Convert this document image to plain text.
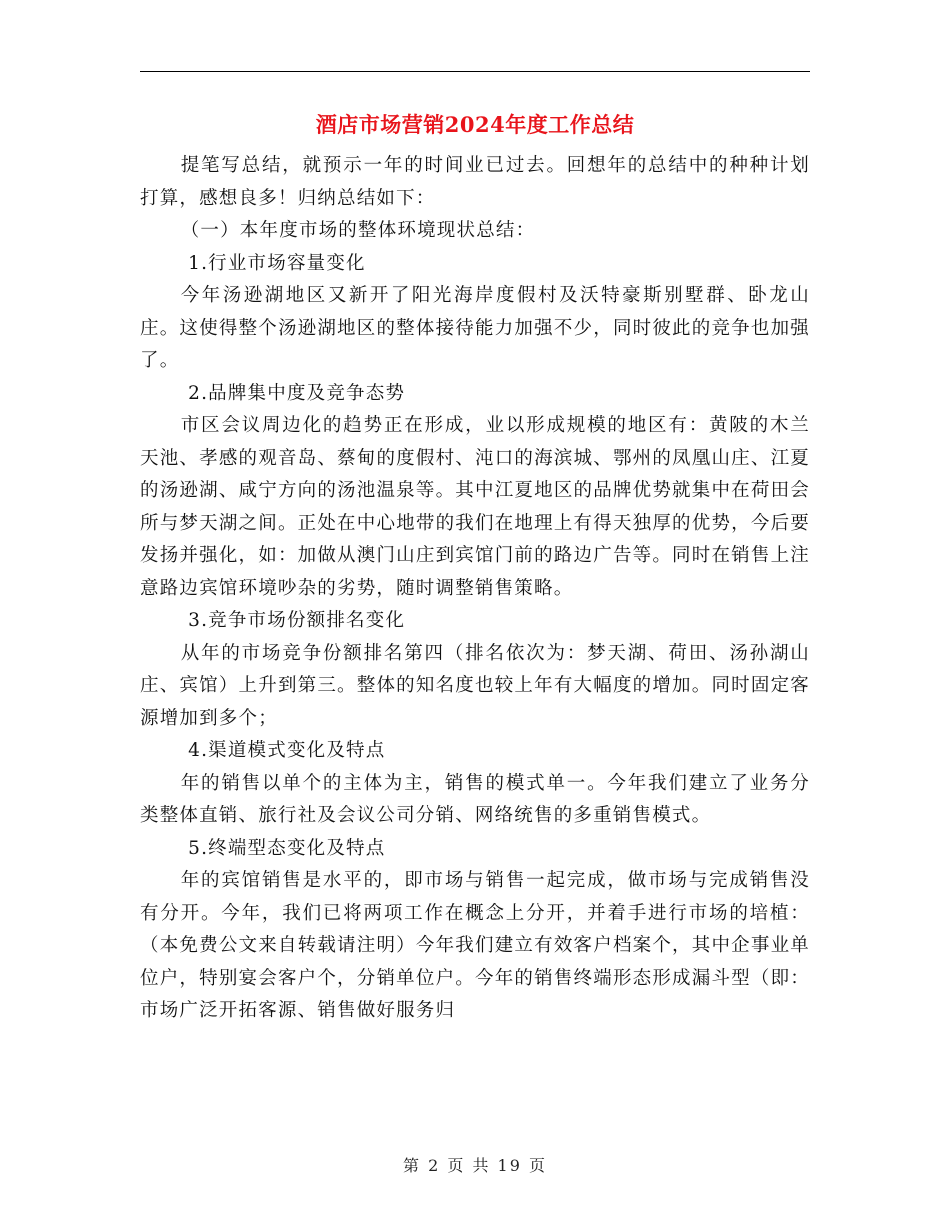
酒店市场营销2024年度工作总结

提笔写总结，就预示一年的时间业已过去。回想年的总结中的种种计划打算，感想良多！归纳总结如下：

（一）本年度市场的整体环境现状总结：

1.行业市场容量变化

今年汤逊湖地区又新开了阳光海岸度假村及沃特豪斯别墅群、卧龙山庄。这使得整个汤逊湖地区的整体接待能力加强不少，同时彼此的竞争也加强了。

2.品牌集中度及竞争态势

市区会议周边化的趋势正在形成，业以形成规模的地区有：黄陂的木兰天池、孝感的观音岛、蔡甸的度假村、沌口的海滨城、鄂州的凤凰山庄、江夏的汤逊湖、咸宁方向的汤池温泉等。其中江夏地区的品牌优势就集中在荷田会所与梦天湖之间。正处在中心地带的我们在地理上有得天独厚的优势，今后要发扬并强化，如：加做从澳门山庄到宾馆门前的路边广告等。同时在销售上注意路边宾馆环境吵杂的劣势，随时调整销售策略。

3.竞争市场份额排名变化

从年的市场竞争份额排名第四（排名依次为：梦天湖、荷田、汤孙湖山庄、宾馆）上升到第三。整体的知名度也较上年有大幅度的增加。同时固定客源增加到多个；

4.渠道模式变化及特点

年的销售以单个的主体为主，销售的模式单一。今年我们建立了业务分类整体直销、旅行社及会议公司分销、网络统售的多重销售模式。

5.终端型态变化及特点

年的宾馆销售是水平的，即市场与销售一起完成，做市场与完成销售没有分开。今年，我们已将两项工作在概念上分开，并着手进行市场的培植：（本免费公文来自转载请注明）今年我们建立有效客户档案个，其中企事业单位户，特别宴会客户个，分销单位户。今年的销售终端形态形成漏斗型（即：市场广泛开拓客源、销售做好服务归

第 2 页 共 19 页
